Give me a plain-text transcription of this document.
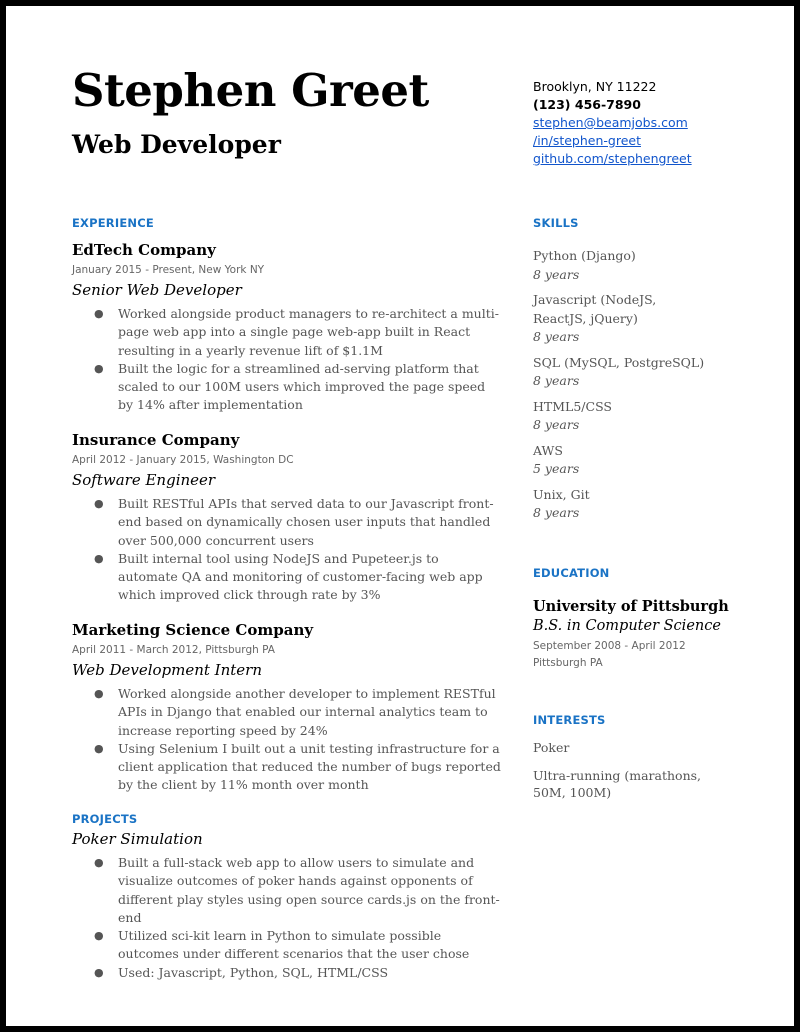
Stephen Greet
Web Developer
Brooklyn, NY 11222
(123) 456-7890
stephen@beamjobs.com
/in/stephen-greet
github.com/stephengreet
EXPERIENCE
EdTech Company
January 2015 - Present, New York NY
Senior Web Developer
● Worked alongside product managers to re-architect a multi-page web app into a single page web-app built in React resulting in a yearly revenue lift of $1.1M
● Built the logic for a streamlined ad-serving platform that scaled to our 100M users which improved the page speed by 14% after implementation
Insurance Company
April 2012 - January 2015, Washington DC
Software Engineer
● Built RESTful APIs that served data to our Javascript front-end based on dynamically chosen user inputs that handled over 500,000 concurrent users
● Built internal tool using NodeJS and Pupeteer.js to automate QA and monitoring of customer-facing web app which improved click through rate by 3%
Marketing Science Company
April 2011 - March 2012, Pittsburgh PA
Web Development Intern
● Worked alongside another developer to implement RESTful APIs in Django that enabled our internal analytics team to increase reporting speed by 24%
● Using Selenium I built out a unit testing infrastructure for a client application that reduced the number of bugs reported by the client by 11% month over month
PROJECTS
Poker Simulation
● Built a full-stack web app to allow users to simulate and visualize outcomes of poker hands against opponents of different play styles using open source cards.js on the front-end
● Utilized sci-kit learn in Python to simulate possible outcomes under different scenarios that the user chose
● Used: Javascript, Python, SQL, HTML/CSS
SKILLS
Python (Django)
8 years
Javascript (NodeJS, ReactJS, jQuery)
8 years
SQL (MySQL, PostgreSQL)
8 years
HTML5/CSS
8 years
AWS
5 years
Unix, Git
8 years
EDUCATION
University of Pittsburgh
B.S. in Computer Science
September 2008 - April 2012
Pittsburgh PA
INTERESTS
Poker
Ultra-running (marathons, 50M, 100M)
